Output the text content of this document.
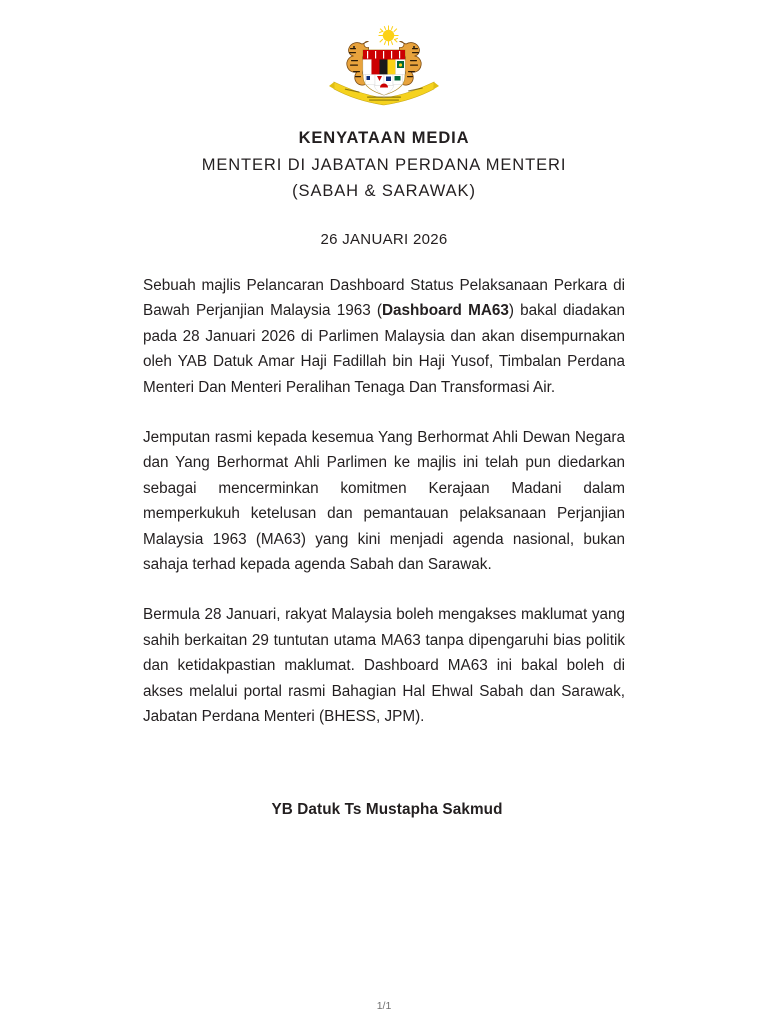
KENYATAAN MEDIA
MENTERI DI JABATAN PERDANA MENTERI
(SABAH & SARAWAK)
26 JANUARI 2026

Sebuah majlis Pelancaran Dashboard Status Pelaksanaan Perkara di Bawah Perjanjian Malaysia 1963 (Dashboard MA63) bakal diadakan pada 28 Januari 2026 di Parlimen Malaysia dan akan disempurnakan oleh YAB Datuk Amar Haji Fadillah bin Haji Yusof, Timbalan Perdana Menteri Dan Menteri Peralihan Tenaga Dan Transformasi Air.

Jemputan rasmi kepada kesemua Yang Berhormat Ahli Dewan Negara dan Yang Berhormat Ahli Parlimen ke majlis ini telah pun diedarkan sebagai mencerminkan komitmen Kerajaan Madani dalam memperkukuh ketelusan dan pemantauan pelaksanaan Perjanjian Malaysia 1963 (MA63) yang kini menjadi agenda nasional, bukan sahaja terhad kepada agenda Sabah dan Sarawak.

Bermula 28 Januari, rakyat Malaysia boleh mengakses maklumat yang sahih berkaitan 29 tuntutan utama MA63 tanpa dipengaruhi bias politik dan ketidakpastian maklumat. Dashboard MA63 ini bakal boleh di akses melalui portal rasmi Bahagian Hal Ehwal Sabah dan Sarawak, Jabatan Perdana Menteri (BHESS, JPM).

YB Datuk Ts Mustapha Sakmud
1/1
